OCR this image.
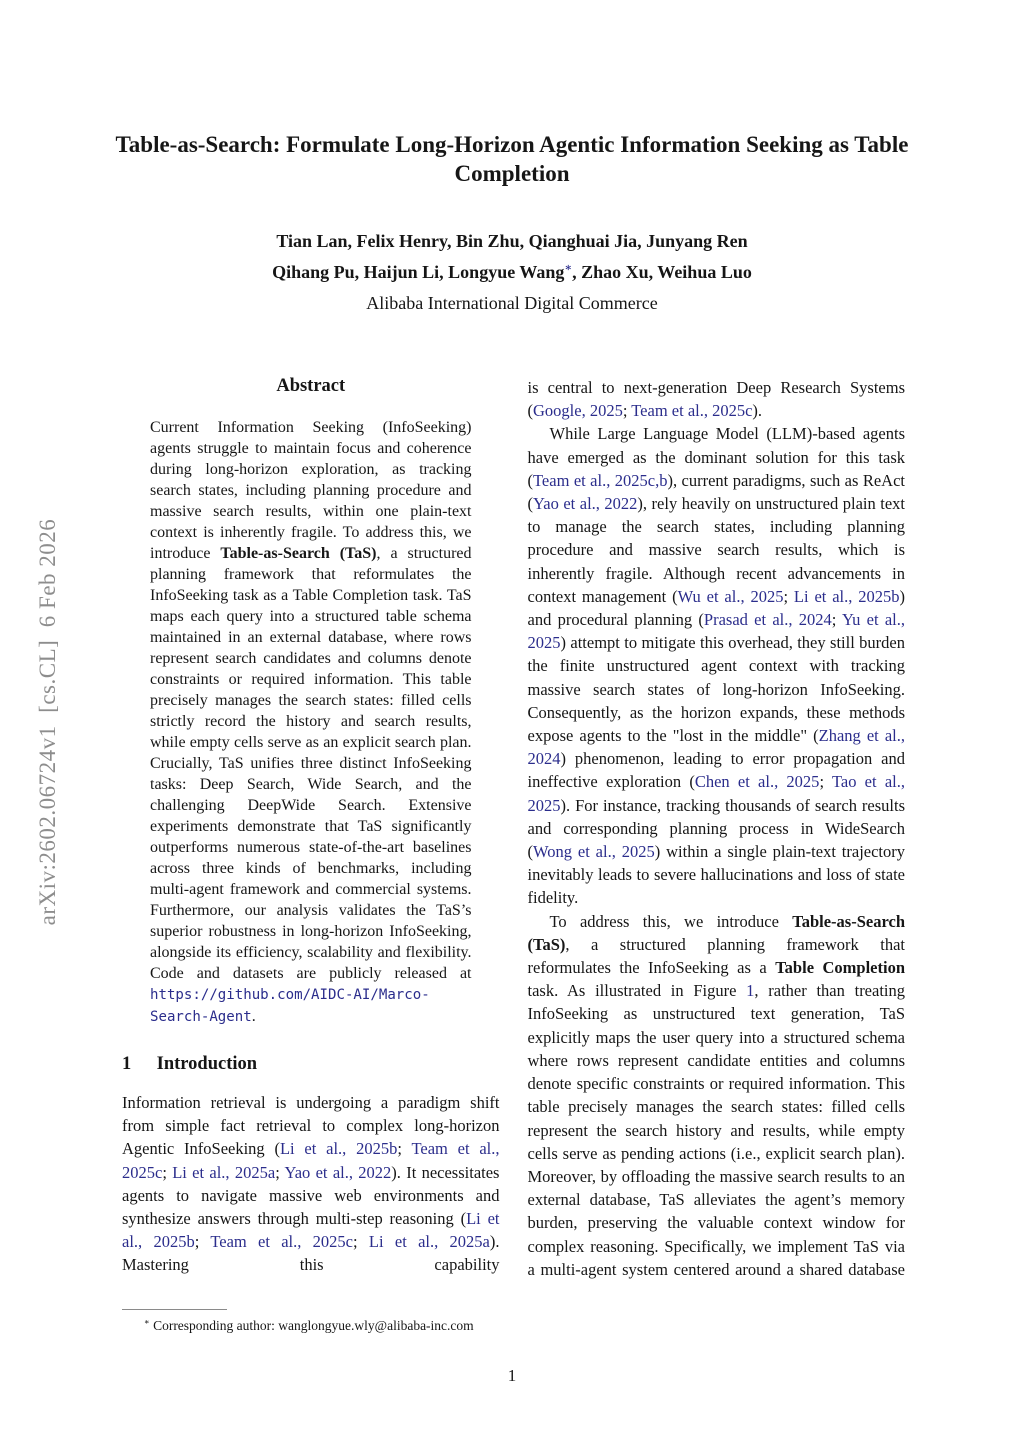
arXiv:2602.06724v1  [cs.CL]  6 Feb 2026
Table-as-Search: Formulate Long-Horizon Agentic Information Seeking as Table Completion
Tian Lan, Felix Henry, Bin Zhu, Qianghuai Jia, Junyang Ren
Qihang Pu, Haijun Li, Longyue Wang∗, Zhao Xu, Weihua Luo
Alibaba International Digital Commerce
Abstract

Current Information Seeking (InfoSeeking) agents struggle to maintain focus and coherence during long-horizon exploration, as tracking search states, including planning procedure and massive search results, within one plain-text context is inherently fragile. To address this, we introduce Table-as-Search (TaS), a structured planning framework that reformulates the InfoSeeking task as a Table Completion task. TaS maps each query into a structured table schema maintained in an external database, where rows represent search candidates and columns denote constraints or required information. This table precisely manages the search states: filled cells strictly record the history and search results, while empty cells serve as an explicit search plan. Crucially, TaS unifies three distinct InfoSeeking tasks: Deep Search, Wide Search, and the challenging DeepWide Search. Extensive experiments demonstrate that TaS significantly outperforms numerous state-of-the-art baselines across three kinds of benchmarks, including multi-agent framework and commercial systems. Furthermore, our analysis validates the TaS’s superior robustness in long-horizon InfoSeeking, alongside its efficiency, scalability and flexibility. Code and datasets are publicly released at https://github.com/AIDC-AI/Marco-Search-Agent.

1 Introduction

Information retrieval is undergoing a paradigm shift from simple fact retrieval to complex long-horizon Agentic InfoSeeking (Li et al., 2025b; Team et al., 2025c; Li et al., 2025a; Yao et al., 2022). It necessitates agents to navigate massive web environments and synthesize answers through multi-step reasoning (Li et al., 2025b; Team et al., 2025c; Li et al., 2025a). Mastering this capability

∗ Corresponding author: wanglongyue.wly@alibaba-inc.com

is central to next-generation Deep Research Systems (Google, 2025; Team et al., 2025c).

While Large Language Model (LLM)-based agents have emerged as the dominant solution for this task (Team et al., 2025c,b), current paradigms, such as ReAct (Yao et al., 2022), rely heavily on unstructured plain text to manage the search states, including planning procedure and massive search results, which is inherently fragile. Although recent advancements in context management (Wu et al., 2025; Li et al., 2025b) and procedural planning (Prasad et al., 2024; Yu et al., 2025) attempt to mitigate this overhead, they still burden the finite unstructured agent context with tracking massive search states of long-horizon InfoSeeking. Consequently, as the horizon expands, these methods expose agents to the "lost in the middle" (Zhang et al., 2024) phenomenon, leading to error propagation and ineffective exploration (Chen et al., 2025; Tao et al., 2025). For instance, tracking thousands of search results and corresponding planning process in WideSearch (Wong et al., 2025) within a single plain-text trajectory inevitably leads to severe hallucinations and loss of state fidelity.

To address this, we introduce Table-as-Search (TaS), a structured planning framework that reformulates the InfoSeeking as a Table Completion task. As illustrated in Figure 1, rather than treating InfoSeeking as unstructured text generation, TaS explicitly maps the user query into a structured schema where rows represent candidate entities and columns denote specific constraints or required information. This table precisely manages the search states: filled cells represent the search history and results, while empty cells serve as pending actions (i.e., explicit search plan). Moreover, by offloading the massive search results to an external database, TaS alleviates the agent’s memory burden, preserving the valuable context window for complex reasoning. Specifically, we implement TaS via a multi-agent system centered around a shared database

1
